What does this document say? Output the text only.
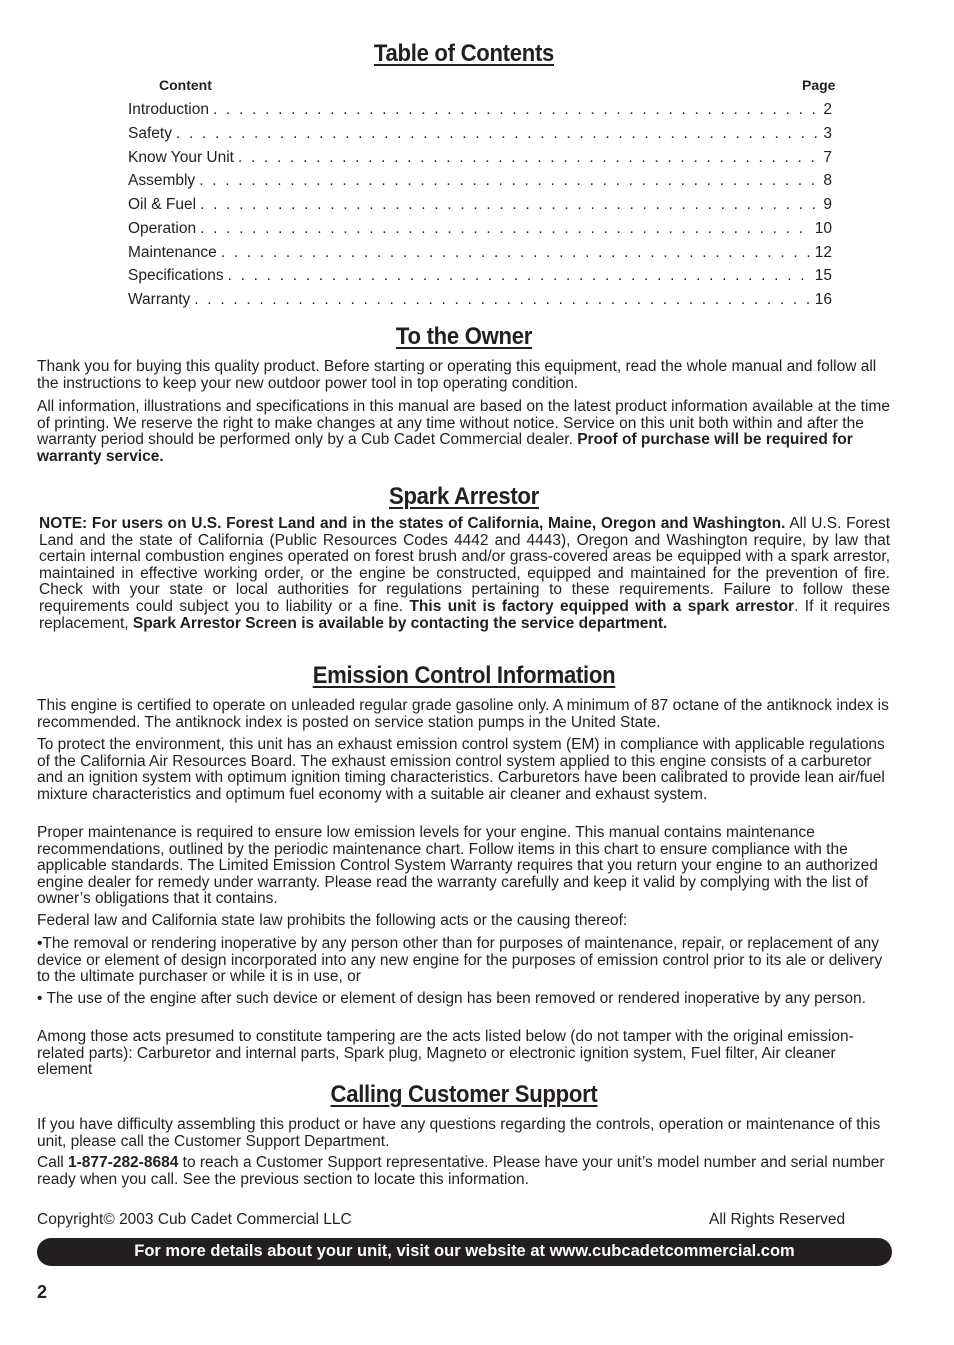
Table of Contents
Content	Page
Introduction . . .	2
Safety . . .	3
Know Your Unit . . .	7
Assembly . . .	8
Oil & Fuel . . .	9
Operation . . .	10
Maintenance . . .	12
Specifications . . .	15
Warranty . . .	16
To the Owner
Thank you for buying this quality product. Before starting or operating this equipment, read the whole manual and follow all the instructions to keep your new outdoor power tool in top operating condition.
All information, illustrations and specifications in this manual are based on the latest product information available at the time of printing. We reserve the right to make changes at any time without notice. Service on this unit both within and after the warranty period should be performed only by a Cub Cadet Commercial dealer. Proof of purchase will be required for warranty service.
Spark Arrestor
NOTE: For users on U.S. Forest Land and in the states of California, Maine, Oregon and Washington. All U.S. Forest Land and the state of California (Public Resources Codes 4442 and 4443), Oregon and Washington require, by law that certain internal combustion engines operated on forest brush and/or grass-covered areas be equipped with a spark arrestor, maintained in effective working order, or the engine be constructed, equipped and maintained for the prevention of fire. Check with your state or local authorities for regulations pertaining to these requirements. Failure to follow these requirements could subject you to liability or a fine. This unit is factory equipped with a spark arrestor. If it requires replacement, Spark Arrestor Screen is available by contacting the service department.
Emission Control Information
This engine is certified to operate on unleaded regular grade gasoline only. A minimum of 87 octane of the antiknock index is recommended. The antiknock index is posted on service station pumps in the United State.
To protect the environment, this unit has an exhaust emission control system (EM) in compliance with applicable regulations of the California Air Resources Board. The exhaust emission control system applied to this engine consists of a carburetor and an ignition system with optimum ignition timing characteristics. Carburetors have been calibrated to provide lean air/fuel mixture characteristics and optimum fuel economy with a suitable air cleaner and exhaust system.
Proper maintenance is required to ensure low emission levels for your engine. This manual contains maintenance recommendations, outlined by the periodic maintenance chart. Follow items in this chart to ensure compliance with the applicable standards. The Limited Emission Control System Warranty requires that you return your engine to an authorized engine dealer for remedy under warranty. Please read the warranty carefully and keep it valid by complying with the list of owner’s obligations that it contains.
Federal law and California state law prohibits the following acts or the causing thereof:
•The removal or rendering inoperative by any person other than for purposes of maintenance, repair, or replacement of any device or element of design incorporated into any new engine for the purposes of emission control prior to its ale or delivery to the ultimate purchaser or while it is in use, or
• The use of the engine after such device or element of design has been removed or rendered inoperative by any person.
Among those acts presumed to constitute tampering are the acts listed below (do not tamper with the original emission-related parts): Carburetor and internal parts, Spark plug, Magneto or electronic ignition system, Fuel filter, Air cleaner element
Calling Customer Support
If you have difficulty assembling this product or have any questions regarding the controls, operation or maintenance of this unit, please call the Customer Support Department.
Call 1-877-282-8684 to reach a Customer Support representative. Please have your unit’s model number and serial number ready when you call. See the previous section to locate this information.
Copyright© 2003 Cub Cadet Commercial LLC	All Rights Reserved
For more details about your unit, visit our website at www.cubcadetcommercial.com
2
